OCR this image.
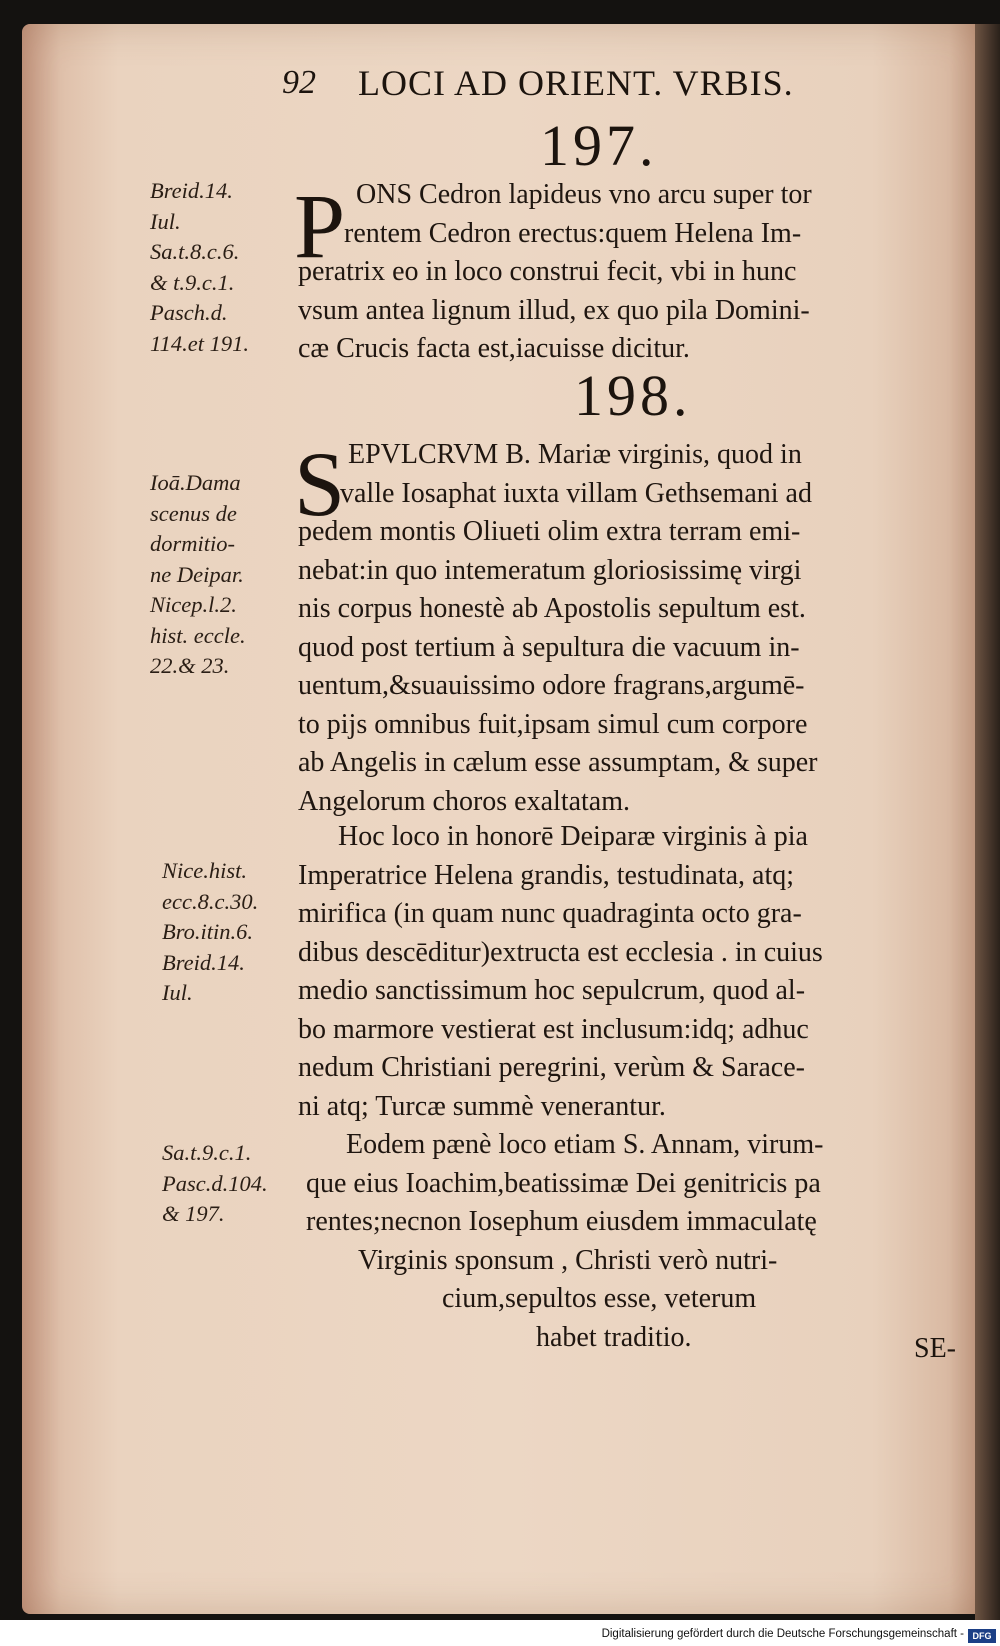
92 LOCI AD ORIENT. VRBIS.
197.
Breid.14.
Iul.
Sa.t.8.c.6.
& t.9.c.1.
Pasch.d.
114.et 191.
P ONS Cedron lapideus vno arcu super tor
rentem Cedron erectus:quem Helena Im-
peratrix eo in loco construi fecit, vbi in hunc
vsum antea lignum illud, ex quo pila Domini-
cæ Crucis facta est,iacuisse dicitur.
198.
Ioā.Dama
scenus de
dormitio-
ne Deipar.
Nicep.l.2.
hist. eccle.
22.& 23.
S EPVLCRVM B. Mariæ virginis, quod in
valle Iosaphat iuxta villam Gethsemani ad
pedem montis Oliueti olim extra terram emi-
nebat:in quo intemeratum gloriosissimę virgi
nis corpus honestè ab Apostolis sepultum est.
quod post tertium à sepultura die vacuum in-
uentum,&suauissimo odore fragrans,argumē-
to pijs omnibus fuit,ipsam simul cum corpore
ab Angelis in cælum esse assumptam, & super
Angelorum choros exaltatam.
Nice.hist.
ecc.8.c.30.
Bro.itin.6.
Breid.14.
Iul.
Hoc loco in honorē Deiparæ virginis à pia
Imperatrice Helena grandis, testudinata, atq;
mirifica (in quam nunc quadraginta octo gra-
dibus descēditur)extructa est ecclesia . in cuius
medio sanctissimum hoc sepulcrum, quod al-
bo marmore vestierat est inclusum:idq; adhuc
nedum Christiani peregrini, verùm & Sarace-
ni atq; Turcæ summè venerantur.
Sa.t.9.c.1.
Pasc.d.104.
& 197.
Eodem pænè loco etiam S. Annam, virum-
que eius Ioachim,beatissimæ Dei genitricis pa
rentes;necnon Iosephum eiusdem immaculatę
Virginis sponsum , Christi verò nutri-
cium,sepultos esse, veterum
habet traditio.	SE-
Digitalisierung gefördert durch die Deutsche Forschungsgemeinschaft - DFG
